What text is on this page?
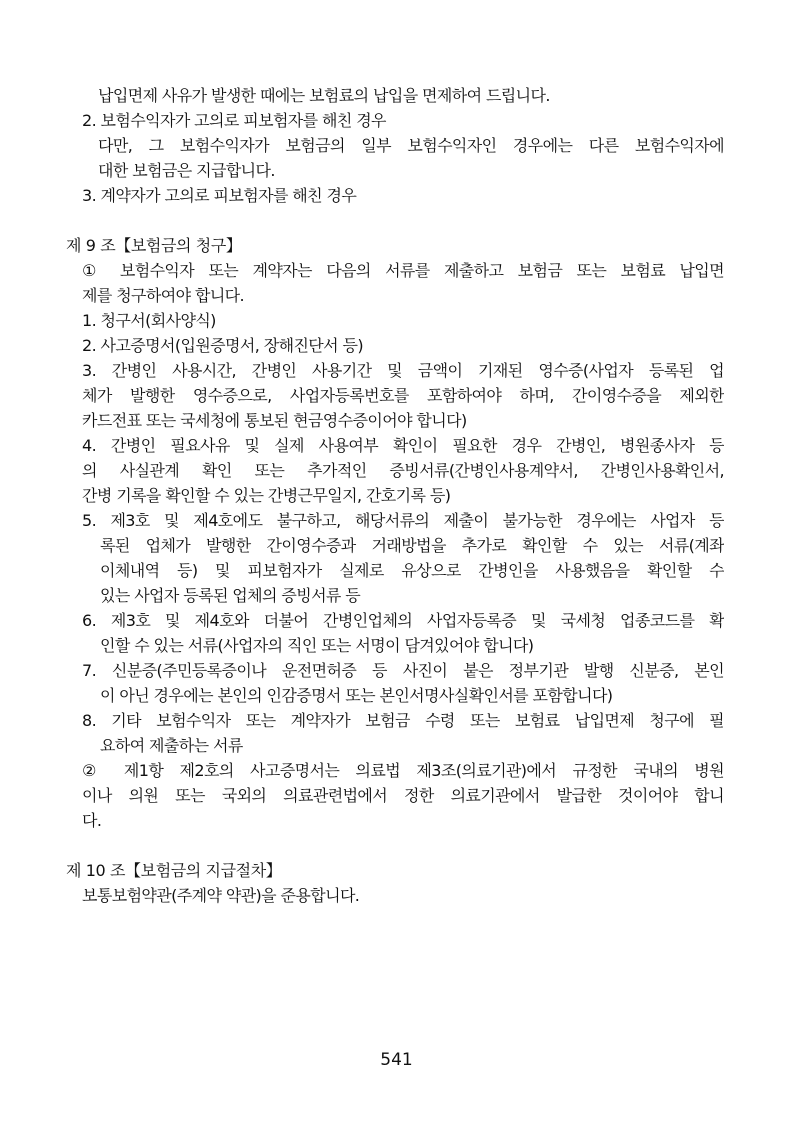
납입면제 사유가 발생한 때에는 보험료의 납입을 면제하여 드립니다.
2. 보험수익자가 고의로 피보험자를 해친 경우
다만, 그 보험수익자가 보험금의 일부 보험수익자인 경우에는 다른 보험수익자에
대한 보험금은 지급합니다.
3. 계약자가 고의로 피보험자를 해친 경우
제 9 조【보험금의 청구】
① 보험수익자 또는 계약자는 다음의 서류를 제출하고 보험금 또는 보험료 납입면
제를 청구하여야 합니다.
1. 청구서(회사양식)
2. 사고증명서(입원증명서, 장해진단서 등)
3. 간병인 사용시간, 간병인 사용기간 및 금액이 기재된 영수증(사업자 등록된 업
체가 발행한 영수증으로, 사업자등록번호를 포함하여야 하며, 간이영수증을 제외한
카드전표 또는 국세청에 통보된 현금영수증이어야 합니다)
4. 간병인 필요사유 및 실제 사용여부 확인이 필요한 경우 간병인, 병원종사자 등
의 사실관계 확인 또는 추가적인 증빙서류(간병인사용계약서, 간병인사용확인서,
간병 기록을 확인할 수 있는 간병근무일지, 간호기록 등)
5. 제3호 및 제4호에도 불구하고, 해당서류의 제출이 불가능한 경우에는 사업자 등
록된 업체가 발행한 간이영수증과 거래방법을 추가로 확인할 수 있는 서류(계좌
이체내역 등) 및 피보험자가 실제로 유상으로 간병인을 사용했음을 확인할 수
있는 사업자 등록된 업체의 증빙서류 등
6. 제3호 및 제4호와 더불어 간병인업체의 사업자등록증 및 국세청 업종코드를 확
인할 수 있는 서류(사업자의 직인 또는 서명이 담겨있어야 합니다)
7. 신분증(주민등록증이나 운전면허증 등 사진이 붙은 정부기관 발행 신분증, 본인
이 아닌 경우에는 본인의 인감증명서 또는 본인서명사실확인서를 포함합니다)
8. 기타 보험수익자 또는 계약자가 보험금 수령 또는 보험료 납입면제 청구에 필
요하여 제출하는 서류
② 제1항 제2호의 사고증명서는 의료법 제3조(의료기관)에서 규정한 국내의 병원
이나 의원 또는 국외의 의료관련법에서 정한 의료기관에서 발급한 것이어야 합니
다.
제 10 조【보험금의 지급절차】
보통보험약관(주계약 약관)을 준용합니다.
541
